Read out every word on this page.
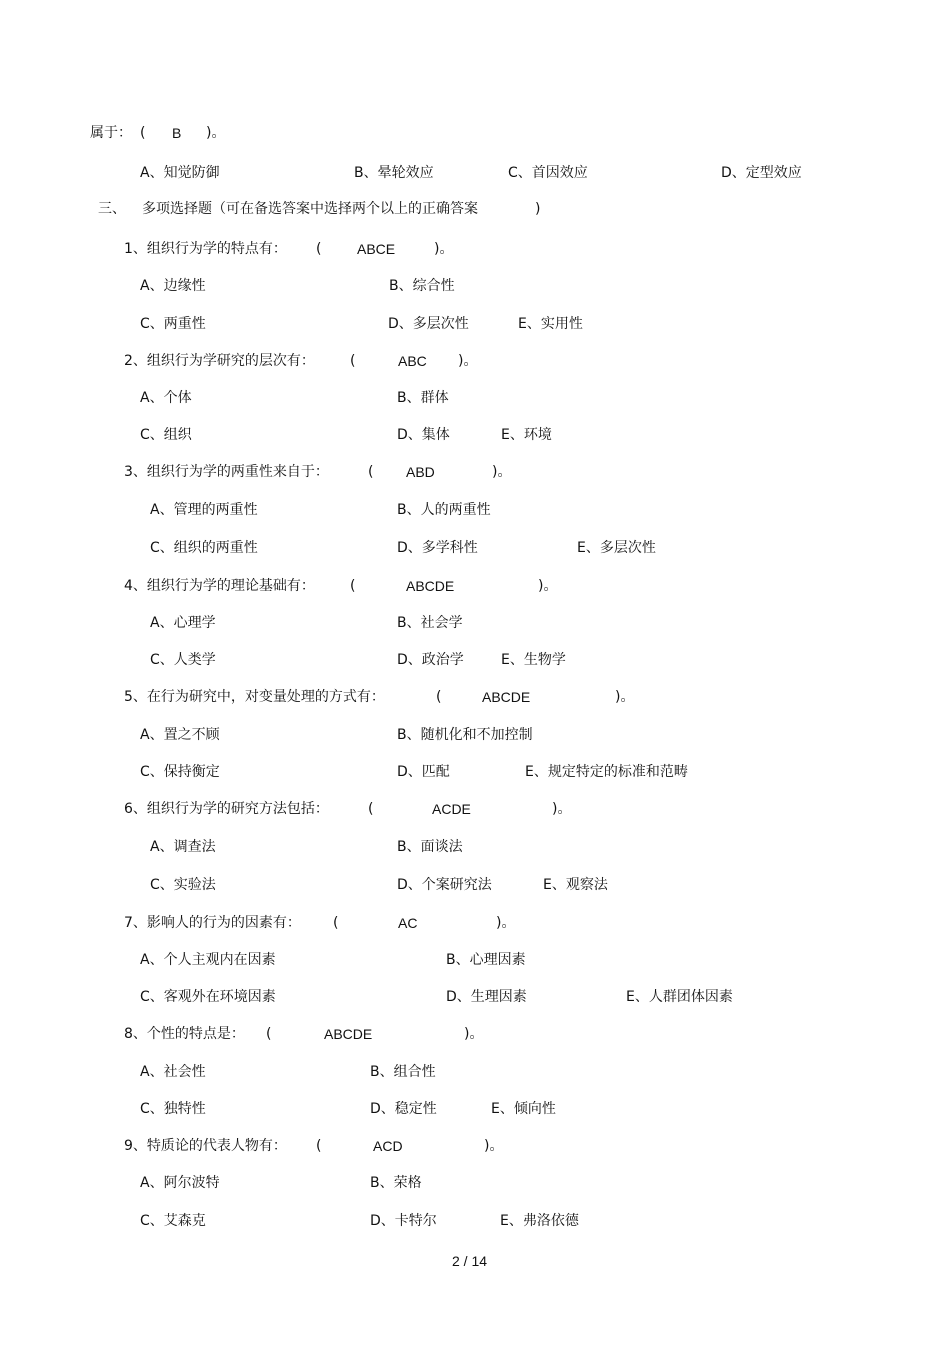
属于： ( B )。
A、知觉防御	B、晕轮效应	C、首因效应	D、定型效应
三、 多项选择题（可在备选答案中选择两个以上的正确答案	)
1、组织行为学的特点有： (	ABCE	)。
A、边缘性	B、综合性
C、两重性	D、多层次性	E、实用性
2、组织行为学研究的层次有：	(	ABC )。
A、个体	B、群体
C、组织	D、集体	E、环境
3、组织行为学的两重性来自于：	( ABD	)。
A、管理的两重性	B、人的两重性
C、组织的两重性	D、多学科性	E、多层次性
4、组织行为学的理论基础有：	(	ABCDE	)。
A、心理学	B、社会学
C、人类学	D、政治学	E、生物学
5、在行为研究中，对变量处理的方式有：	(	ABCDE	)。
A、置之不顾	B、随机化和不加控制
C、保持衡定	D、匹配	E、规定特定的标准和范畴
6、组织行为学的研究方法包括：	(	ACDE	)。
A、调查法	B、面谈法
C、实验法	D、个案研究法	E、观察法
7、影响人的行为的因素有： (	AC	)。
A、个人主观内在因素	B、心理因素
C、客观外在环境因素	D、生理因素	E、人群团体因素
8、个性的特点是： (	ABCDE	)。
A、社会性	B、组合性
C、独特性	D、稳定性	E、倾向性
9、特质论的代表人物有： (	ACD	)。
A、阿尔波特	B、荣格
C、艾森克	D、卡特尔	E、弗洛依德
2 / 14
